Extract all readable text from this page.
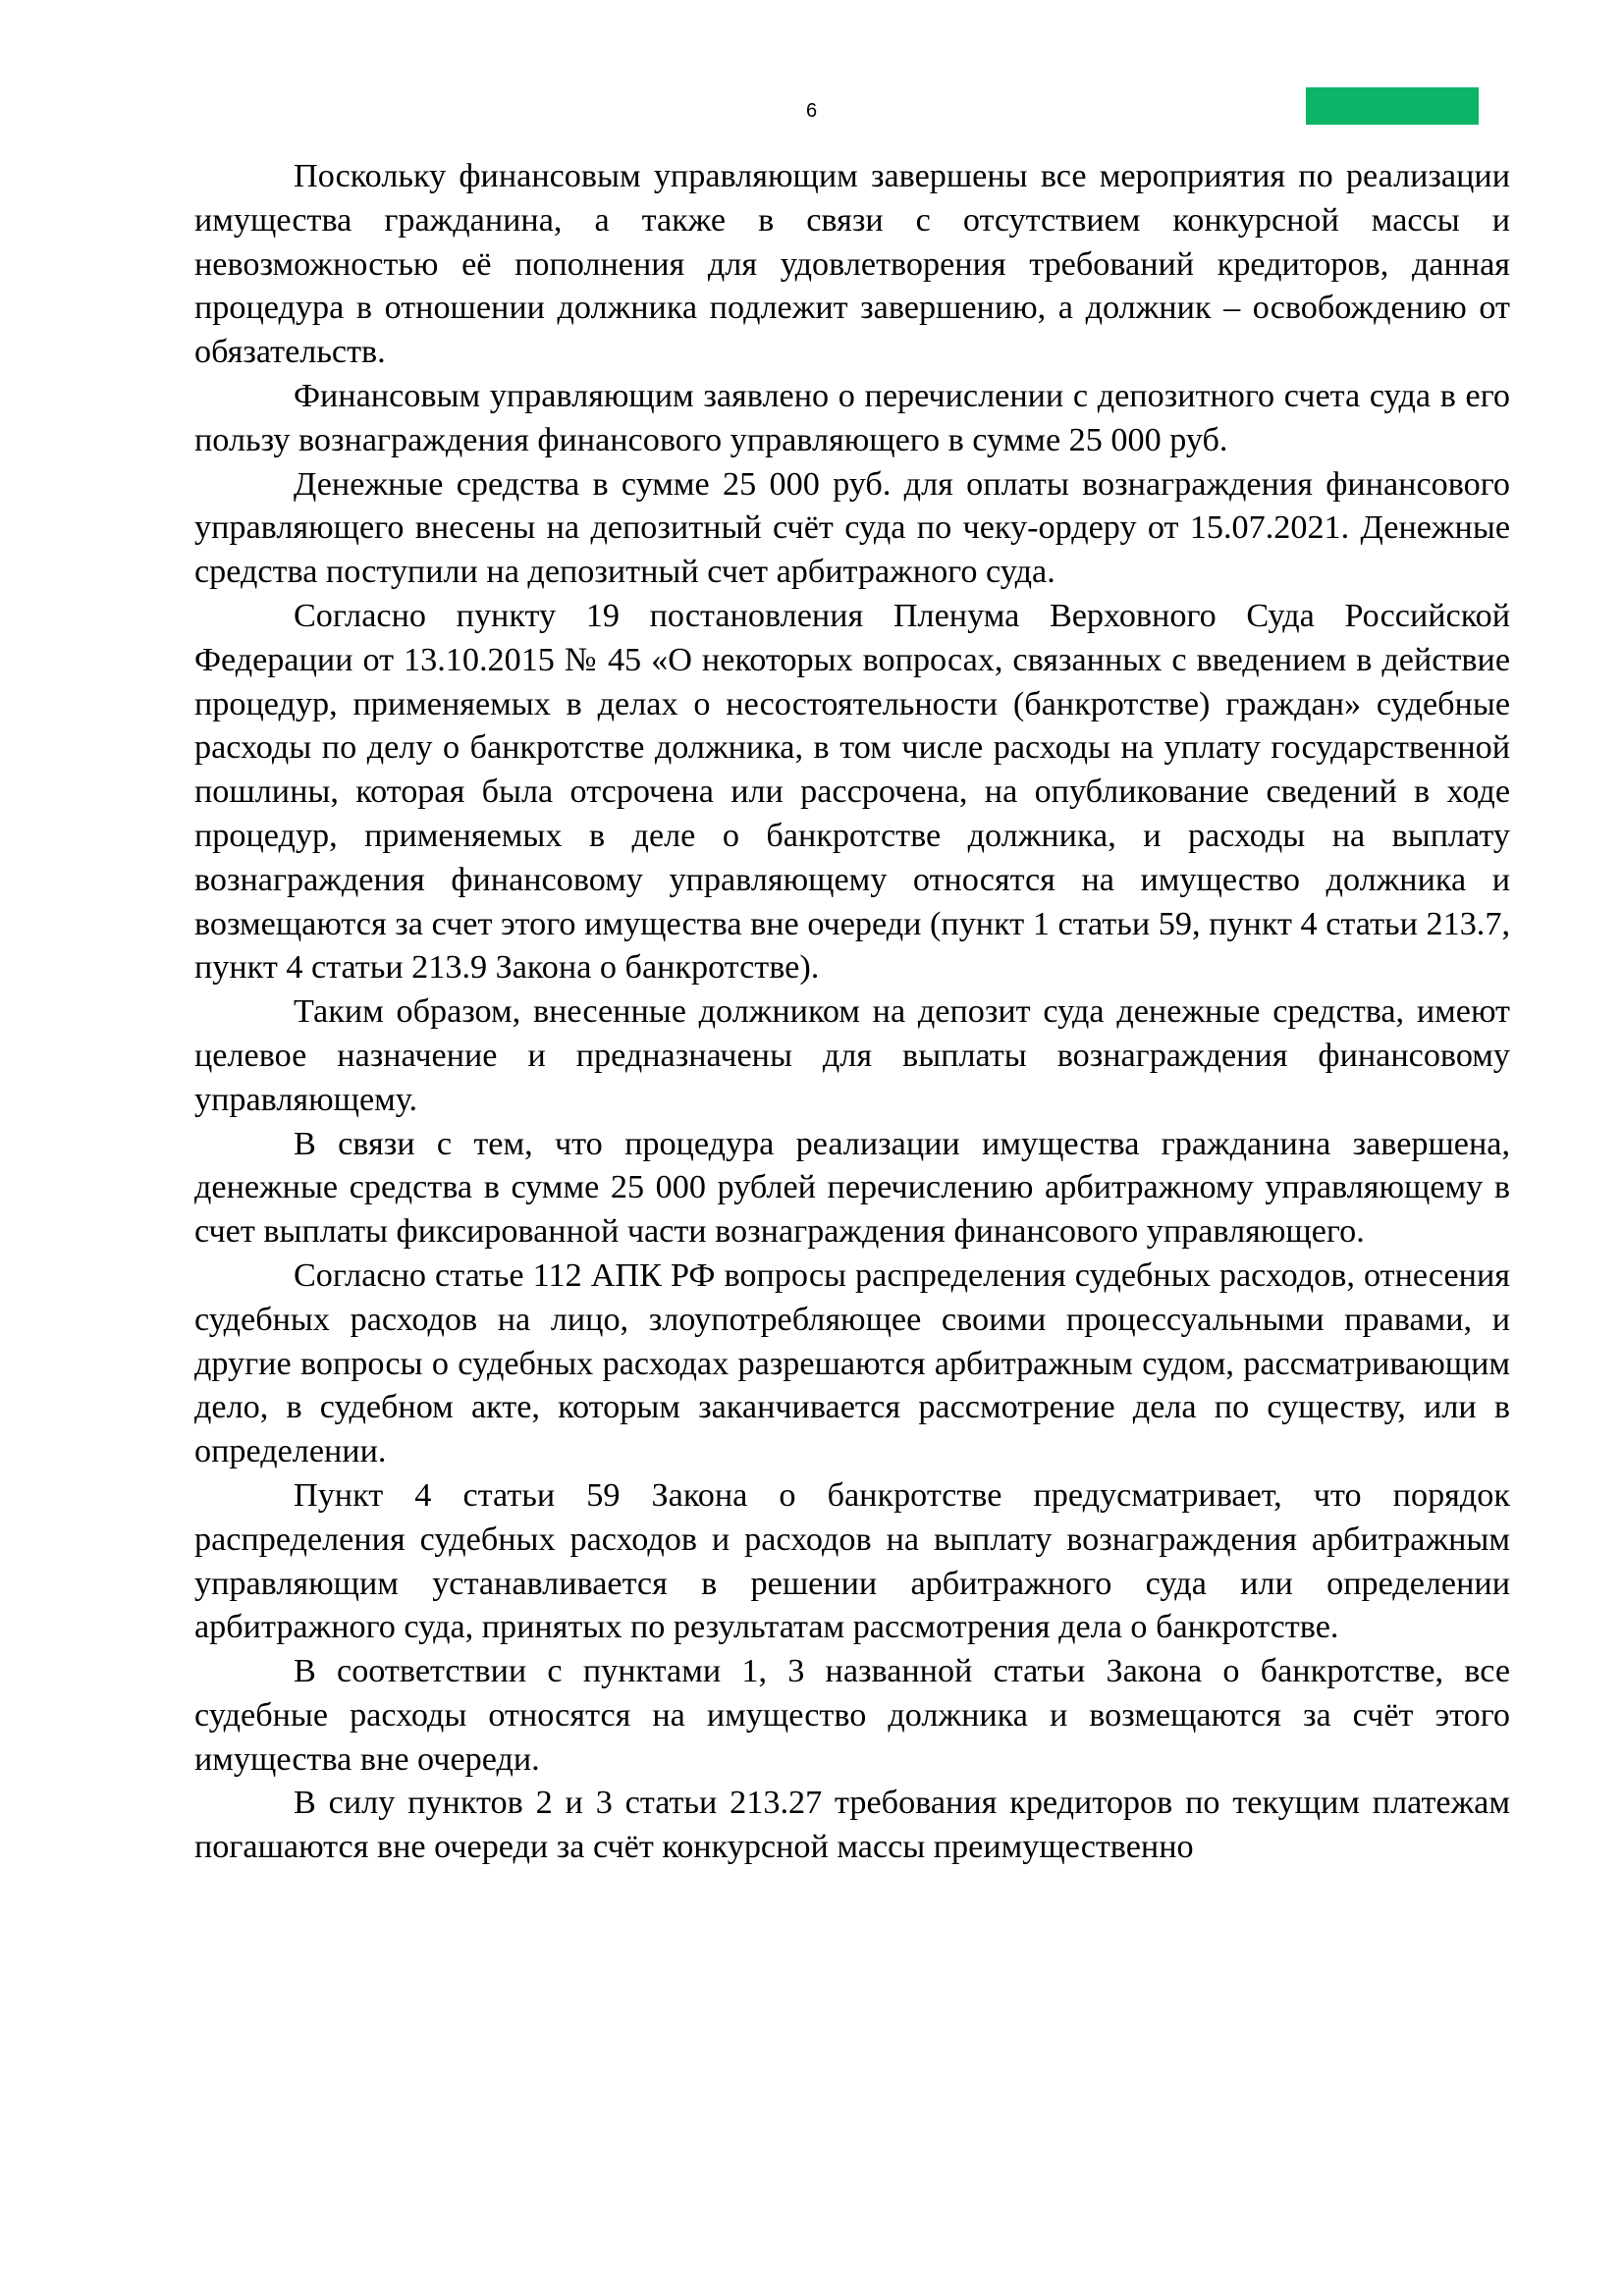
6

Поскольку финансовым управляющим завершены все мероприятия по реализации имущества гражданина, а также в связи с отсутствием конкурсной массы и невозможностью её пополнения для удовлетворения требований кредиторов, данная процедура в отношении должника подлежит завершению, а должник – освобождению от обязательств.

Финансовым управляющим заявлено о перечислении с депозитного счета суда в его пользу вознаграждения финансового управляющего в сумме 25 000 руб.

Денежные средства в сумме 25 000 руб. для оплаты вознаграждения финансового управляющего внесены на депозитный счёт суда по чеку-ордеру от 15.07.2021. Денежные средства поступили на депозитный счет арбитражного суда.

Согласно пункту 19 постановления Пленума Верховного Суда Российской Федерации от 13.10.2015 № 45 «О некоторых вопросах, связанных с введением в действие процедур, применяемых в делах о несостоятельности (банкротстве) граждан» судебные расходы по делу о банкротстве должника, в том числе расходы на уплату государственной пошлины, которая была отсрочена или рассрочена, на опубликование сведений в ходе процедур, применяемых в деле о банкротстве должника, и расходы на выплату вознаграждения финансовому управляющему относятся на имущество должника и возмещаются за счет этого имущества вне очереди (пункт 1 статьи 59, пункт 4 статьи 213.7, пункт 4 статьи 213.9 Закона о банкротстве).

Таким образом, внесенные должником на депозит суда денежные средства, имеют целевое назначение и предназначены для выплаты вознаграждения финансовому управляющему.

В связи с тем, что процедура реализации имущества гражданина завершена, денежные средства в сумме 25 000 рублей перечислению арбитражному управляющему в счет выплаты фиксированной части вознаграждения финансового управляющего.

Согласно статье 112 АПК РФ вопросы распределения судебных расходов, отнесения судебных расходов на лицо, злоупотребляющее своими процессуальными правами, и другие вопросы о судебных расходах разрешаются арбитражным судом, рассматривающим дело, в судебном акте, которым заканчивается рассмотрение дела по существу, или в определении.

Пункт 4 статьи 59 Закона о банкротстве предусматривает, что порядок распределения судебных расходов и расходов на выплату вознаграждения арбитражным управляющим устанавливается в решении арбитражного суда или определении арбитражного суда, принятых по результатам рассмотрения дела о банкротстве.

В соответствии с пунктами 1, 3 названной статьи Закона о банкротстве, все судебные расходы относятся на имущество должника и возмещаются за счёт этого имущества вне очереди.

В силу пунктов 2 и 3 статьи 213.27 требования кредиторов по текущим платежам погашаются вне очереди за счёт конкурсной массы преимущественно
